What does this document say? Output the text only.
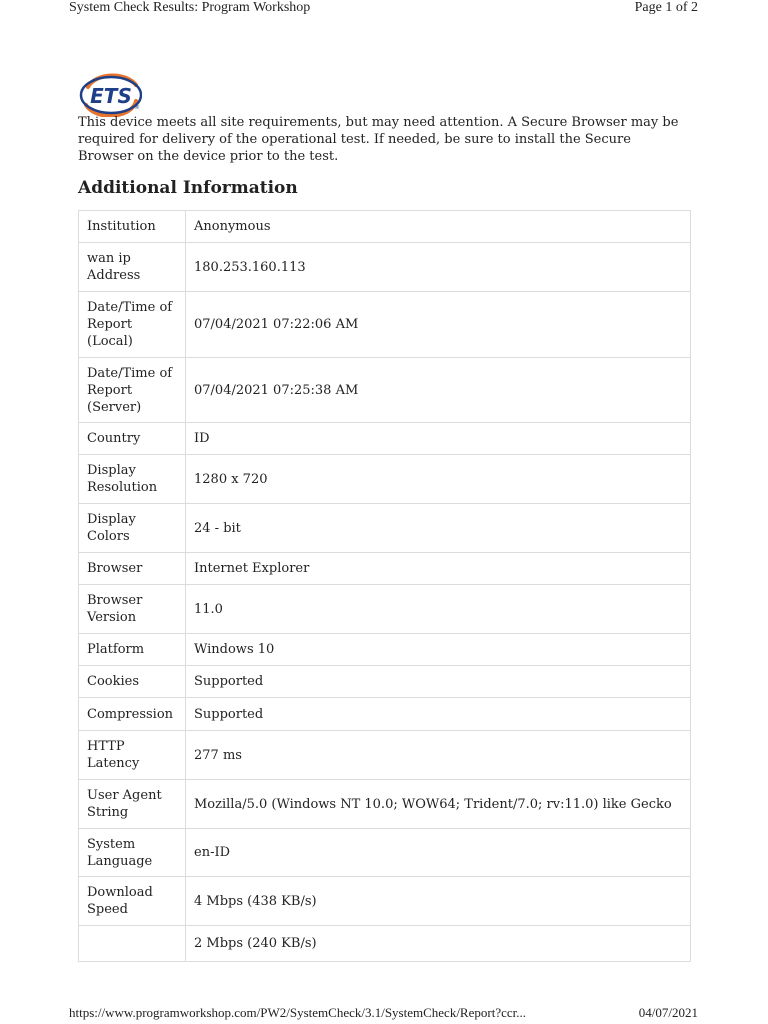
System Check Results: Program Workshop	Page 1 of 2
ETS ®
This device meets all site requirements, but may need attention. A Secure Browser may be required for delivery of the operational test. If needed, be sure to install the Secure Browser on the device prior to the test.
Additional Information
Institution	Anonymous
wan ip Address	180.253.160.113
Date/Time of Report (Local)	07/04/2021 07:22:06 AM
Date/Time of Report (Server)	07/04/2021 07:25:38 AM
Country	ID
Display Resolution	1280 x 720
Display Colors	24 - bit
Browser	Internet Explorer
Browser Version	11.0
Platform	Windows 10
Cookies	Supported
Compression	Supported
HTTP Latency	277 ms
User Agent String	Mozilla/5.0 (Windows NT 10.0; WOW64; Trident/7.0; rv:11.0) like Gecko
System Language	en-ID
Download Speed	4 Mbps (438 KB/s)
	2 Mbps (240 KB/s)
https://www.programworkshop.com/PW2/SystemCheck/3.1/SystemCheck/Report?ccr...	04/07/2021
